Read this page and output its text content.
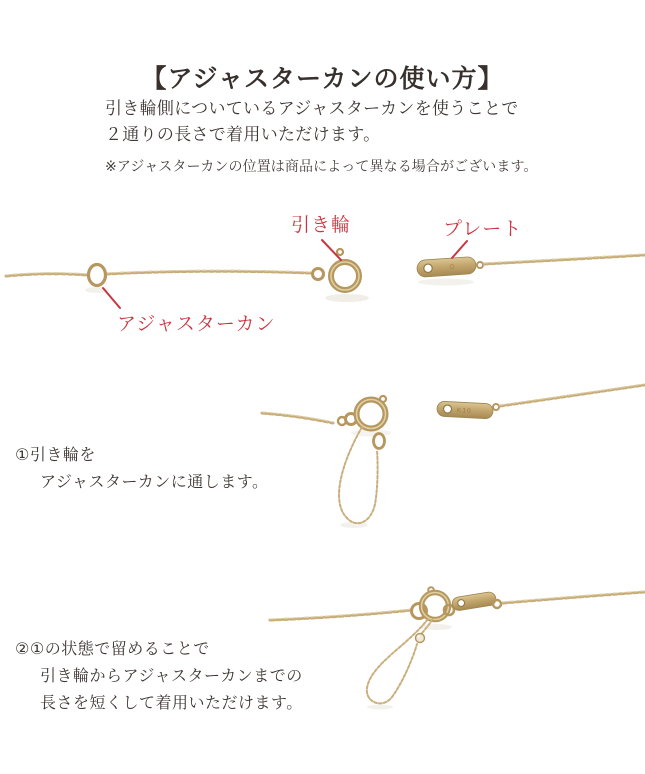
【アジャスターカンの使い方】
引き輪側についているアジャスターカンを使うことで
２通りの長さで着用いただけます。
※アジャスターカンの位置は商品によって異なる場合がございます。
引き輪	プレート
アジャスターカン
K10
①引き輪を
アジャスターカンに通します。
②①の状態で留めることで
引き輪からアジャスターカンまでの
長さを短くして着用いただけます。
